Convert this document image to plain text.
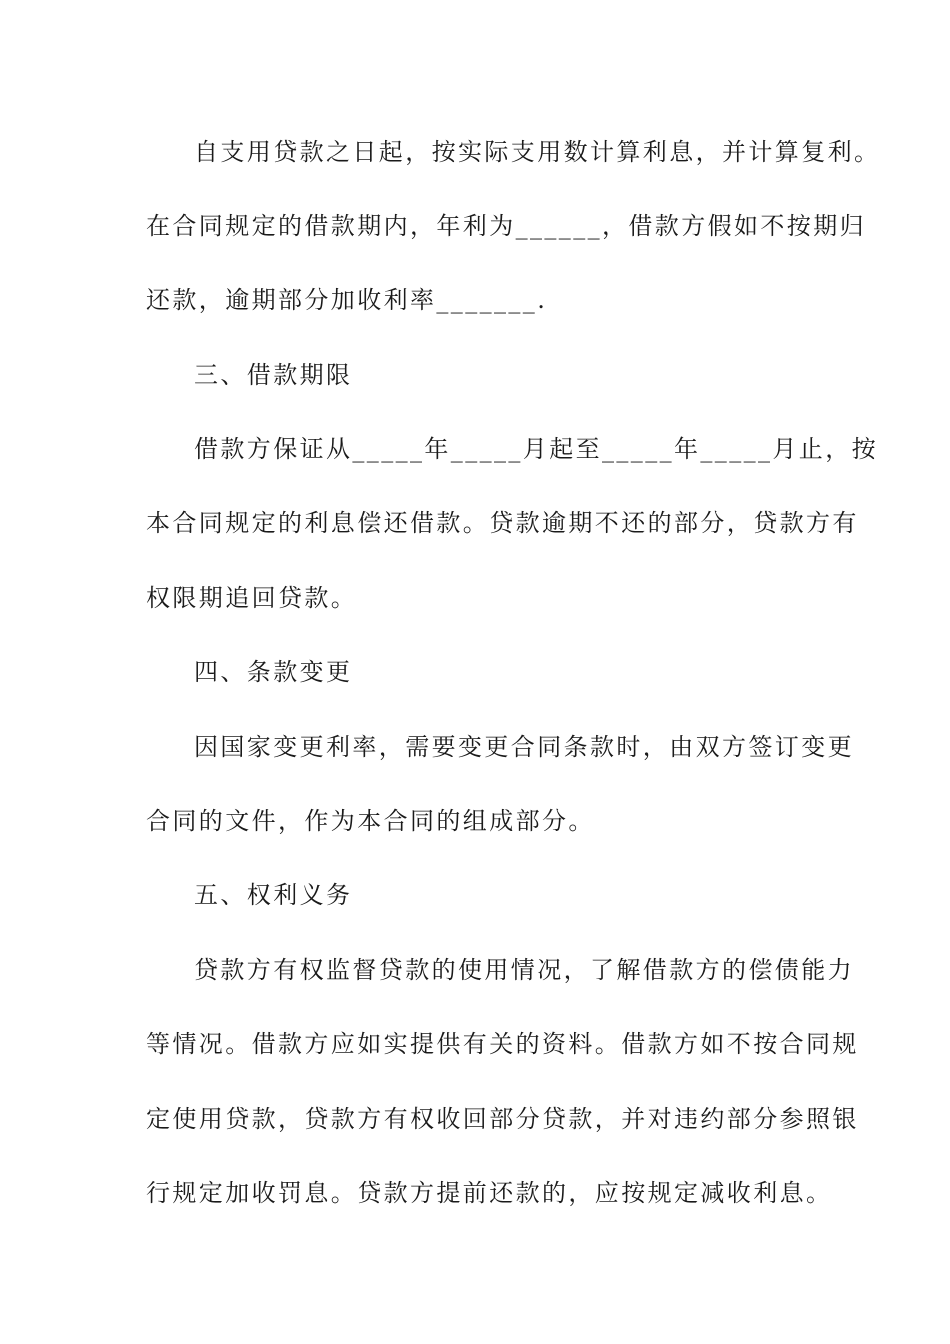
自支用贷款之日起，按实际支用数计算利息，并计算复利。
在合同规定的借款期内，年利为______，借款方假如不按期归
还款，逾期部分加收利率_______.
三、借款期限
借款方保证从_____年_____月起至_____年_____月止，按
本合同规定的利息偿还借款。贷款逾期不还的部分，贷款方有
权限期追回贷款。
四、条款变更
因国家变更利率，需要变更合同条款时，由双方签订变更
合同的文件，作为本合同的组成部分。
五、权利义务
贷款方有权监督贷款的使用情况，了解借款方的偿债能力
等情况。借款方应如实提供有关的资料。借款方如不按合同规
定使用贷款，贷款方有权收回部分贷款，并对违约部分参照银
行规定加收罚息。贷款方提前还款的，应按规定减收利息。
